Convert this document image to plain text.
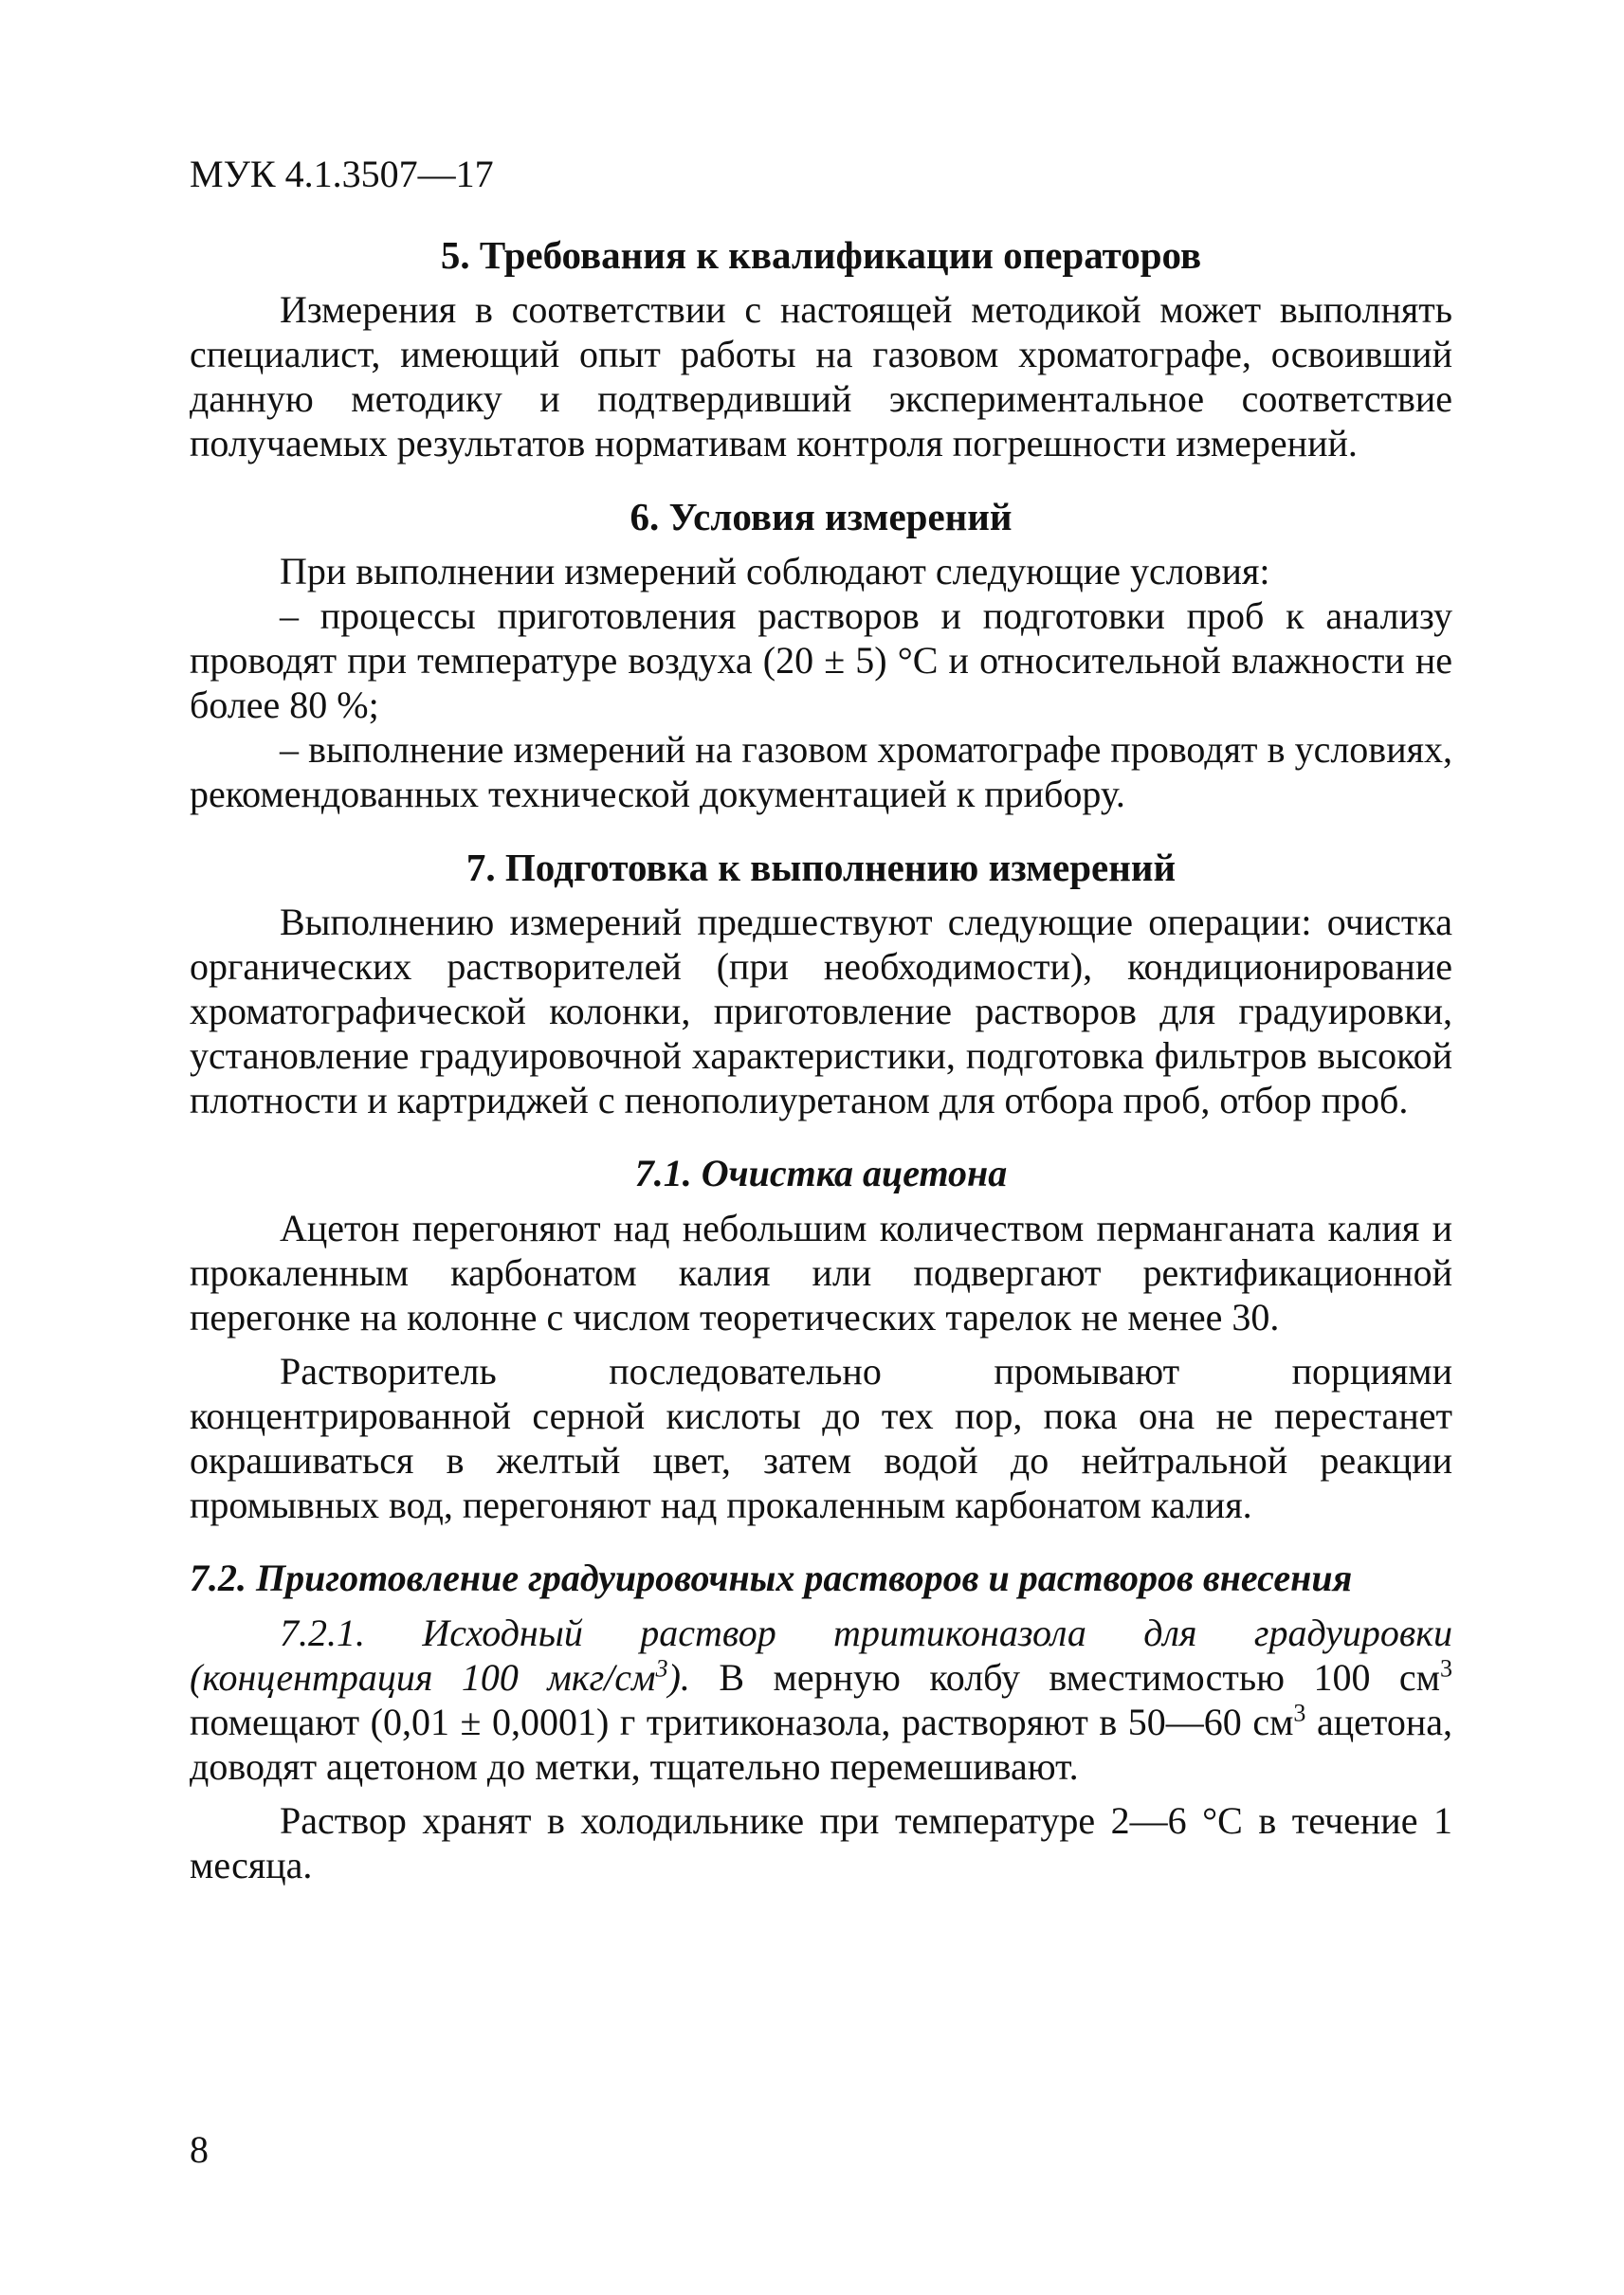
МУК 4.1.3507—17
5. Требования к квалификации операторов

Измерения в соответствии с настоящей методикой может выполнять специалист, имеющий опыт работы на газовом хроматографе, освоивший данную методику и подтвердивший экспериментальное соответствие получаемых результатов нормативам контроля погрешности измерений.

6. Условия измерений

При выполнении измерений соблюдают следующие условия:

– процессы приготовления растворов и подготовки проб к анализу проводят при температуре воздуха (20 ± 5) °C и относительной влажности не более 80 %;

– выполнение измерений на газовом хроматографе проводят в условиях, рекомендованных технической документацией к прибору.

7. Подготовка к выполнению измерений

Выполнению измерений предшествуют следующие операции: очистка органических растворителей (при необходимости), кондиционирование хроматографической колонки, приготовление растворов для градуировки, установление градуировочной характеристики, подготовка фильтров высокой плотности и картриджей с пенополиуретаном для отбора проб, отбор проб.

7.1. Очистка ацетона

Ацетон перегоняют над небольшим количеством перманганата калия и прокаленным карбонатом калия или подвергают ректификационной перегонке на колонне с числом теоретических тарелок не менее 30.

Растворитель последовательно промывают порциями концентрированной серной кислоты до тех пор, пока она не перестанет окрашиваться в желтый цвет, затем водой до нейтральной реакции промывных вод, перегоняют над прокаленным карбонатом калия.

7.2. Приготовление градуировочных растворов и растворов внесения

7.2.1. Исходный раствор тритиконазола для градуировки (концентрация 100 мкг/$см^3$). В мерную колбу вместимостью 100 $см^3$ помещают (0,01 ± 0,0001) г тритиконазола, растворяют в 50—60 $см^3$ ацетона, доводят ацетоном до метки, тщательно перемешивают.

Раствор хранят в холодильнике при температуре 2—6 °C в течение 1 месяца.

8
